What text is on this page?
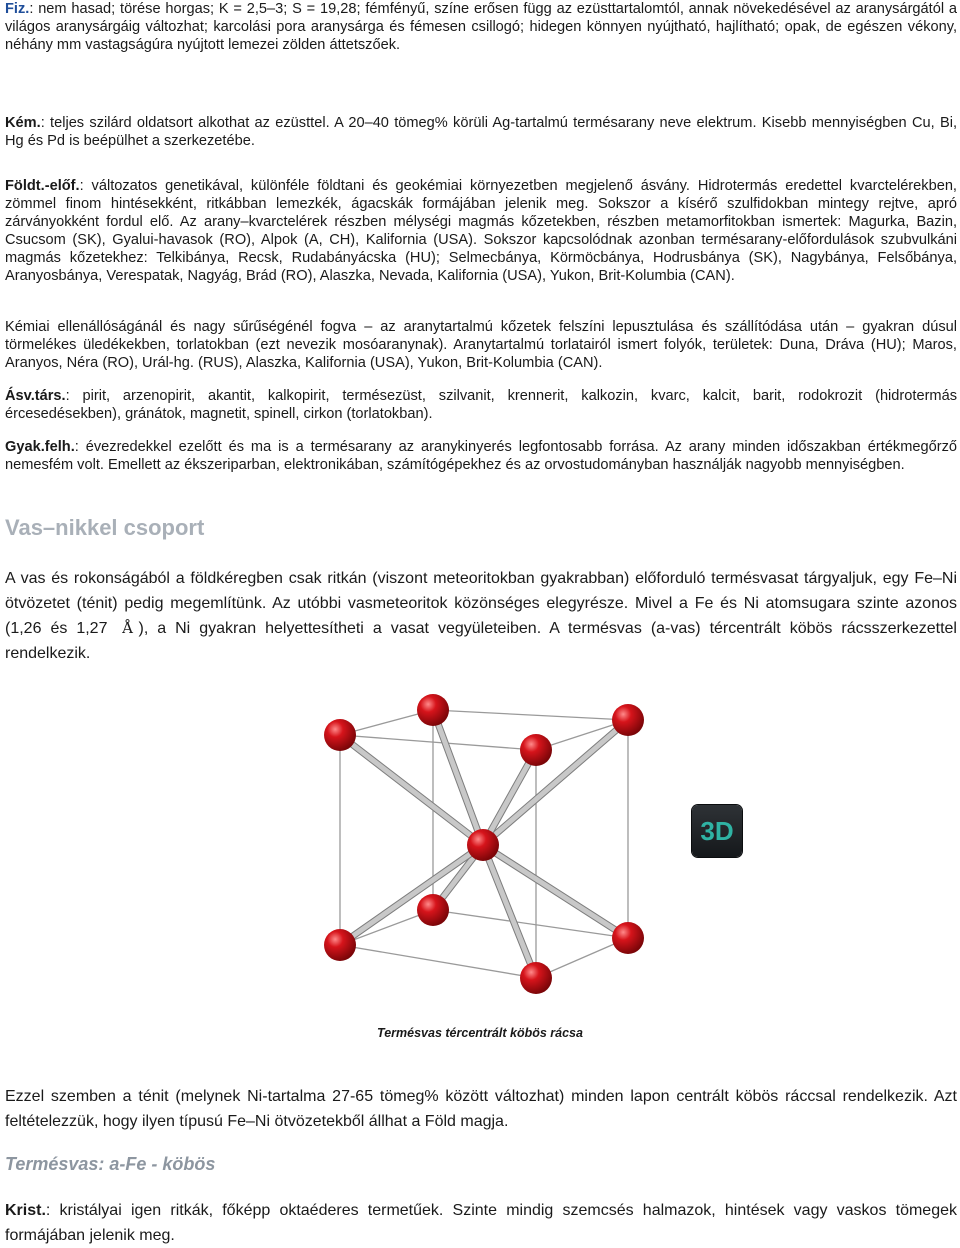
Fiz.: nem hasad; törése horgas; K = 2,5–3; S = 19,28; fémfényű, színe erősen függ az ezüsttartalomtól, annak növekedésével az aranysárgától a világos aranysárgáig változhat; karcolási pora aranysárga és fémesen csillogó; hidegen könnyen nyújtható, hajlítható; opak, de egészen vékony, néhány mm vastagságúra nyújtott lemezei zölden áttetszőek.

Kém.: teljes szilárd oldatsort alkothat az ezüsttel. A 20–40 tömeg% körüli Ag-tartalmú termésarany neve elektrum. Kisebb mennyiségben Cu, Bi, Hg és Pd is beépülhet a szerkezetébe.

Földt.-előf.: változatos genetikával, különféle földtani és geokémiai környezetben megjelenő ásvány. Hidrotermás eredettel kvarctelérekben, zömmel finom hintésekként, ritkábban lemezkék, ágacskák formájában jelenik meg. Sokszor a kísérő szulfidokban mintegy rejtve, apró zárványokként fordul elő. Az arany–kvarctelérek részben mélységi magmás kőzetekben, részben metamorfitokban ismertek: Magurka, Bazin, Csucsom (SK), Gyalui-havasok (RO), Alpok (A, CH), Kalifornia (USA). Sokszor kapcsolódnak azonban termésarany-előfordulások szubvulkáni magmás kőzetekhez: Telkibánya, Recsk, Rudabányácska (HU); Selmecbánya, Körmöcbánya, Hodrusbánya (SK), Nagybánya, Felsőbánya, Aranyosbánya, Verespatak, Nagyág, Brád (RO), Alaszka, Nevada, Kalifornia (USA), Yukon, Brit-Kolumbia (CAN).

Kémiai ellenállóságánál és nagy sűrűségénél fogva – az aranytartalmú kőzetek felszíni lepusztulása és szállítódása után – gyakran dúsul törmelékes üledékekben, torlatokban (ezt nevezik mosóaranynak). Aranytartalmú torlatairól ismert folyók, területek: Duna, Dráva (HU); Maros, Aranyos, Néra (RO), Urál-hg. (RUS), Alaszka, Kalifornia (USA), Yukon, Brit-Kolumbia (CAN).

Ásv.társ.: pirit, arzenopirit, akantit, kalkopirit, termésezüst, szilvanit, krennerit, kalkozin, kvarc, kalcit, barit, rodokrozit (hidrotermás ércesedésekben), gránátok, magnetit, spinell, cirkon (torlatokban).

Gyak.felh.: évezredekkel ezelőtt és ma is a termésarany az aranykinyerés legfontosabb forrása. Az arany minden időszakban értékmegőrző nemesfém volt. Emellett az ékszeriparban, elektronikában, számítógépekhez és az orvostudományban használják nagyobb mennyiségben.

Vas–nikkel csoport

A vas és rokonságából a földkéregben csak ritkán (viszont meteoritokban gyakrabban) előforduló termésvasat tárgyaljuk, egy Fe–Ni ötvözetet (ténit) pedig megemlítünk. Az utóbbi vasmeteoritok közönséges elegyrésze. Mivel a Fe és Ni atomsugara szinte azonos (1,26 és 1,27 Å ), a Ni gyakran helyettesítheti a vasat vegyületeiben. A termésvas (a-vas) tércentrált köbös rácsszerkezettel rendelkezik.

3D
Termésvas tércentrált köbös rácsa

Ezzel szemben a ténit (melynek Ni-tartalma 27-65 tömeg% között változhat) minden lapon centrált köbös ráccsal rendelkezik. Azt feltételezzük, hogy ilyen típusú Fe–Ni ötvözetekből állhat a Föld magja.

Termésvas: a-Fe - köbös

Krist.: kristályai igen ritkák, főképp oktaéderes termetűek. Szinte mindig szemcsés halmazok, hintések vagy vaskos tömegek formájában jelenik meg.
